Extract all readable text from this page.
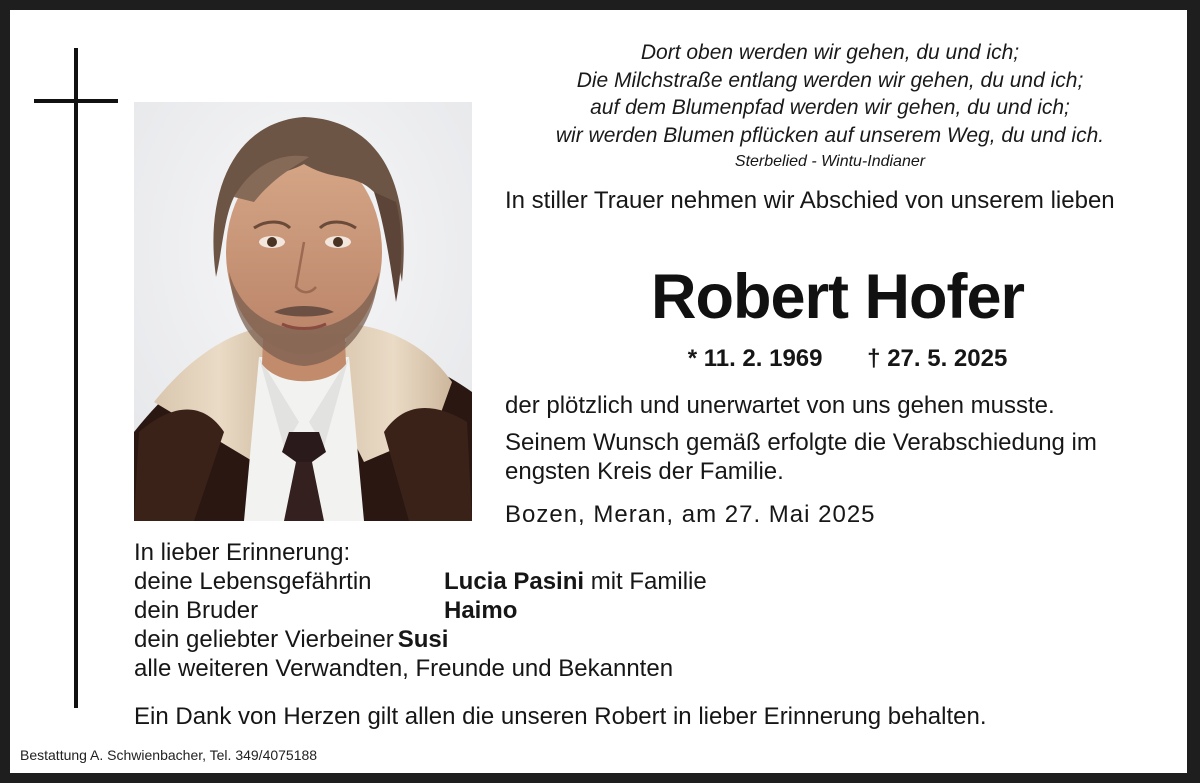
Dort oben werden wir gehen, du und ich;
Die Milchstraße entlang werden wir gehen, du und ich;
auf dem Blumenpfad werden wir gehen, du und ich;
wir werden Blumen pflücken auf unserem Weg, du und ich.
Sterbelied - Wintu-Indianer
In stiller Trauer nehmen wir Abschied von unserem lieben
Robert Hofer
* 11. 2. 1969 † 27. 5. 2025
der plötzlich und unerwartet von uns gehen musste.
Seinem Wunsch gemäß erfolgte die Verabschiedung im engsten Kreis der Familie.
Bozen, Meran, am 27. Mai 2025
In lieber Erinnerung:
deine Lebensgefährtin	Lucia Pasini mit Familie
dein Bruder	Haimo
dein geliebter Vierbeiner Susi
alle weiteren Verwandten, Freunde und Bekannten
Ein Dank von Herzen gilt allen die unseren Robert in lieber Erinnerung behalten.
Bestattung A. Schwienbacher, Tel. 349/4075188
